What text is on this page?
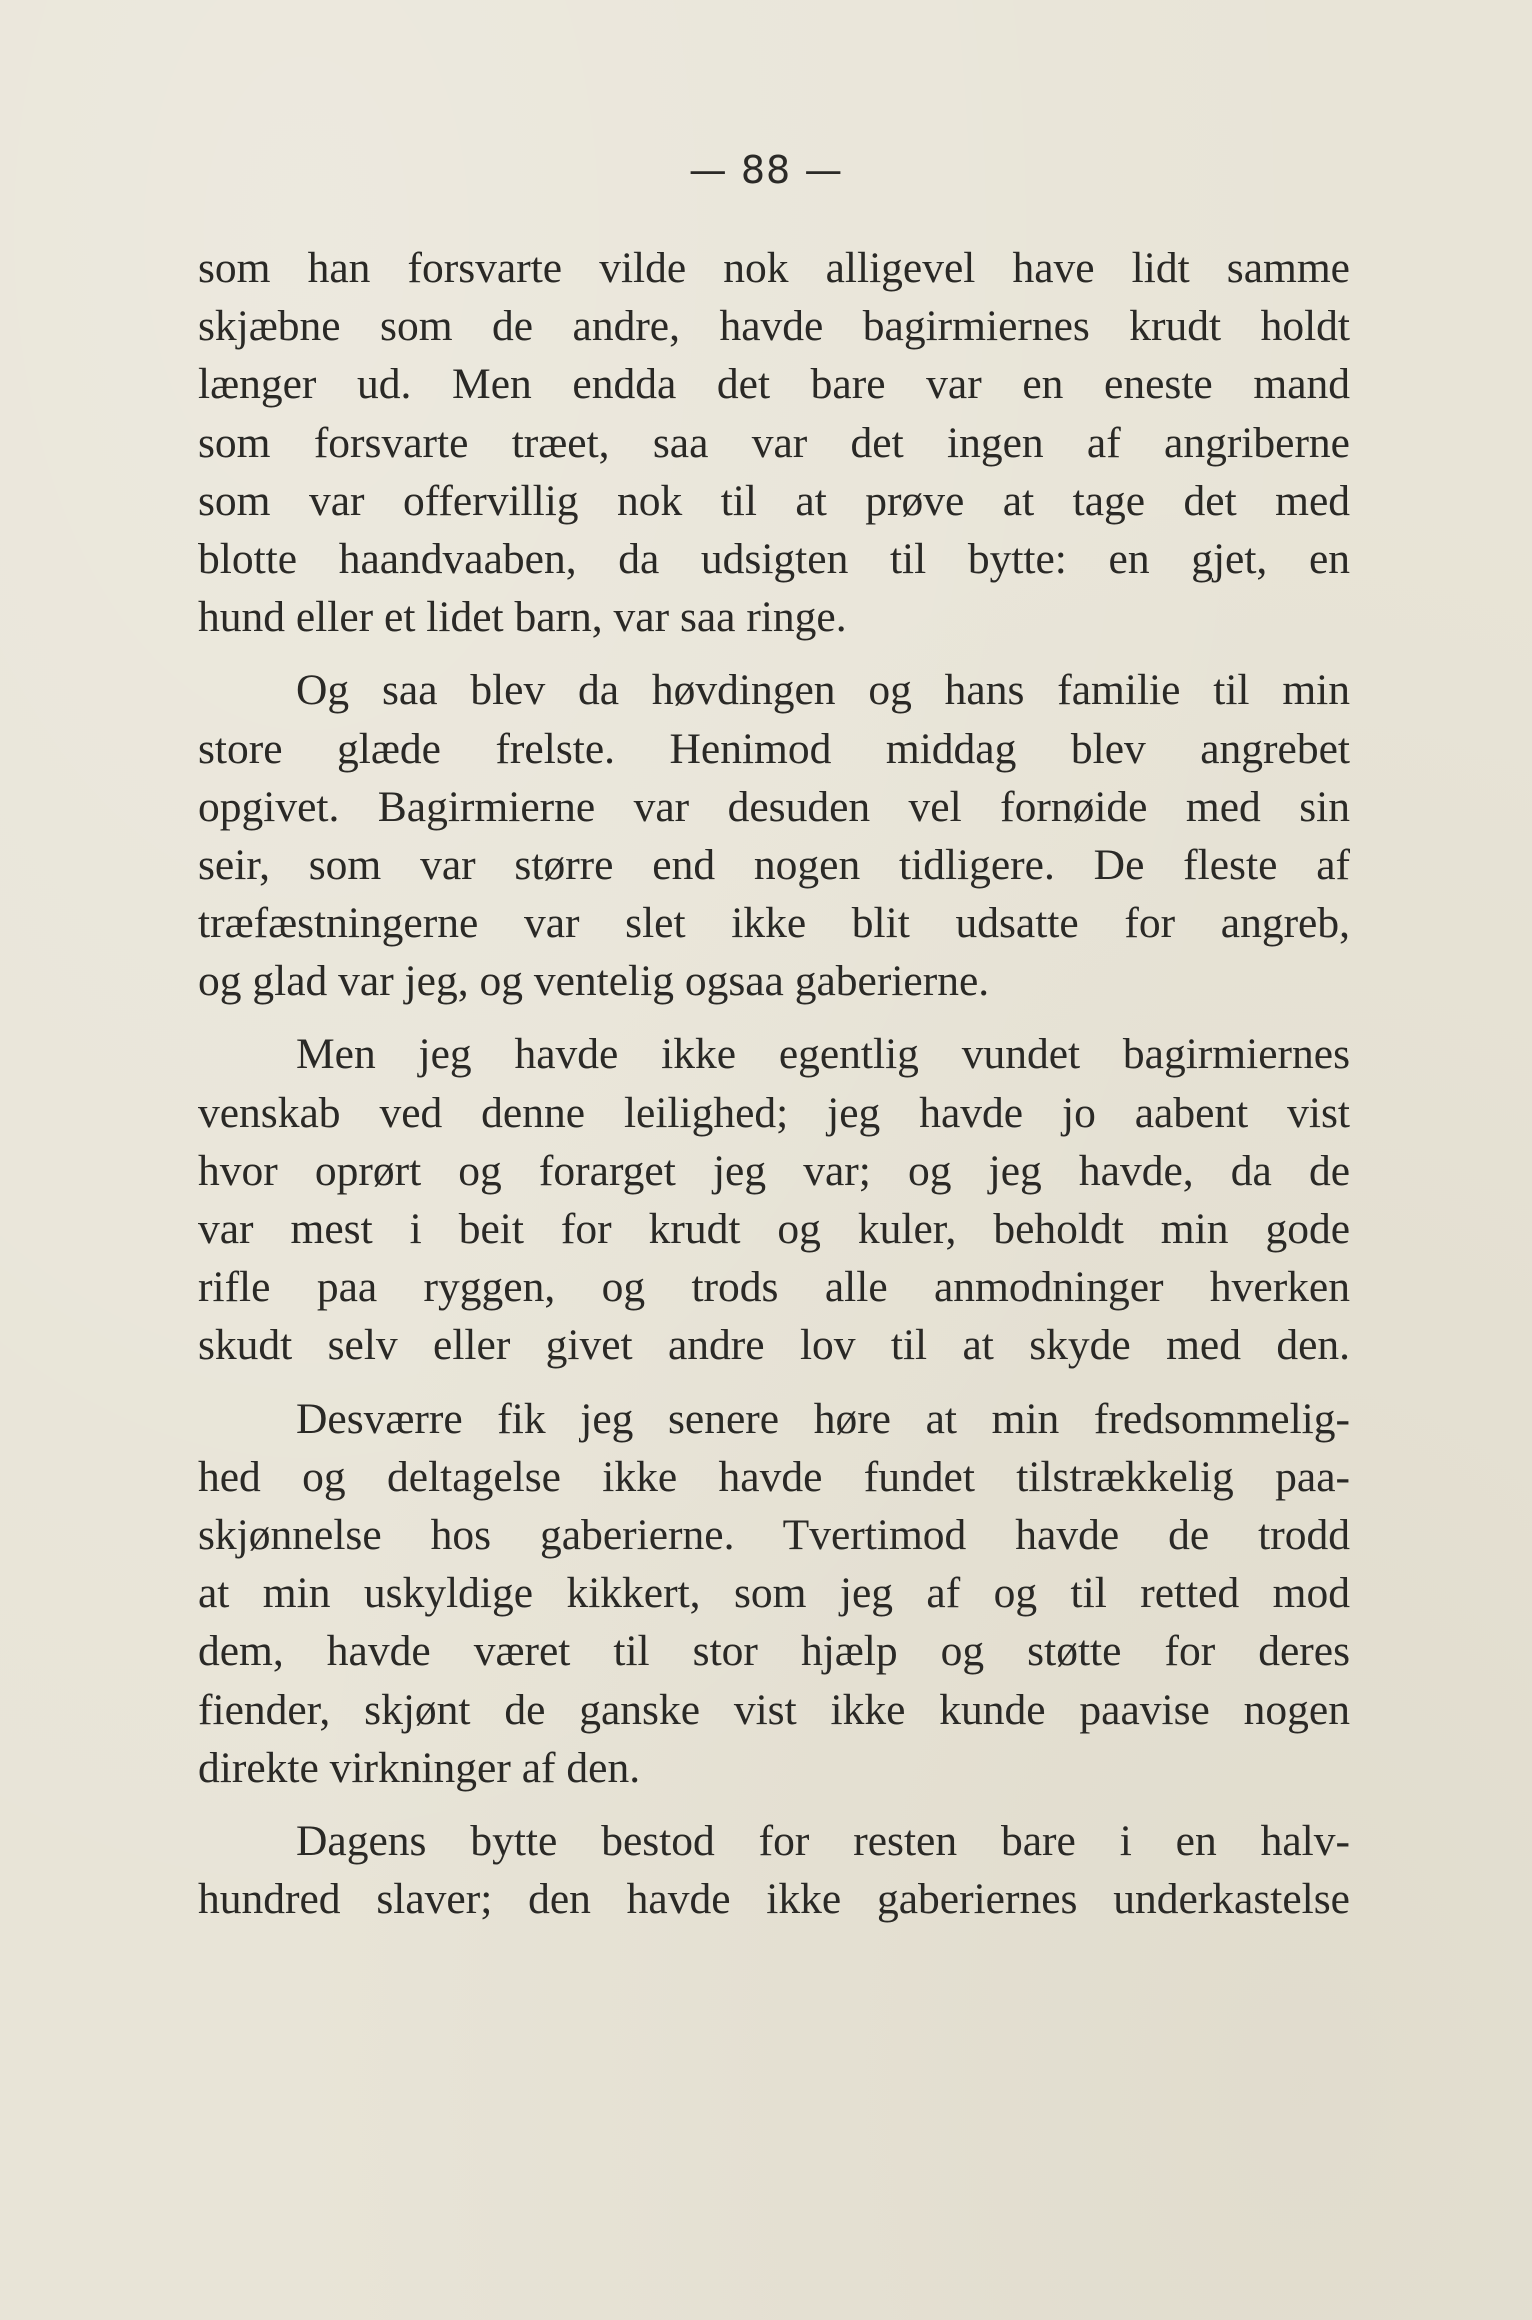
— 88 —
som han forsvarte vilde nok alligevel have lidt samme
skjæbne som de andre, havde bagirmiernes krudt holdt
længer ud. Men endda det bare var en eneste mand
som forsvarte træet, saa var det ingen af angriberne
som var offervillig nok til at prøve at tage det med
blotte haandvaaben, da udsigten til bytte: en gjet, en
hund eller et lidet barn, var saa ringe.
Og saa blev da høvdingen og hans familie til min
store glæde frelste. Henimod middag blev angrebet
opgivet. Bagirmierne var desuden vel fornøide med sin
seir, som var større end nogen tidligere. De fleste af
træfæstningerne var slet ikke blit udsatte for angreb,
og glad var jeg, og ventelig ogsaa gaberierne.
Men jeg havde ikke egentlig vundet bagirmiernes
venskab ved denne leilighed; jeg havde jo aabent vist
hvor oprørt og forarget jeg var; og jeg havde, da de
var mest i beit for krudt og kuler, beholdt min gode
rifle paa ryggen, og trods alle anmodninger hverken
skudt selv eller givet andre lov til at skyde med den.
Desværre fik jeg senere høre at min fredsommelig-
hed og deltagelse ikke havde fundet tilstrækkelig paa-
skjønnelse hos gaberierne. Tvertimod havde de trodd
at min uskyldige kikkert, som jeg af og til retted mod
dem, havde været til stor hjælp og støtte for deres
fiender, skjønt de ganske vist ikke kunde paavise nogen
direkte virkninger af den.
Dagens bytte bestod for resten bare i en halv-
hundred slaver; den havde ikke gaberiernes underkastelse
